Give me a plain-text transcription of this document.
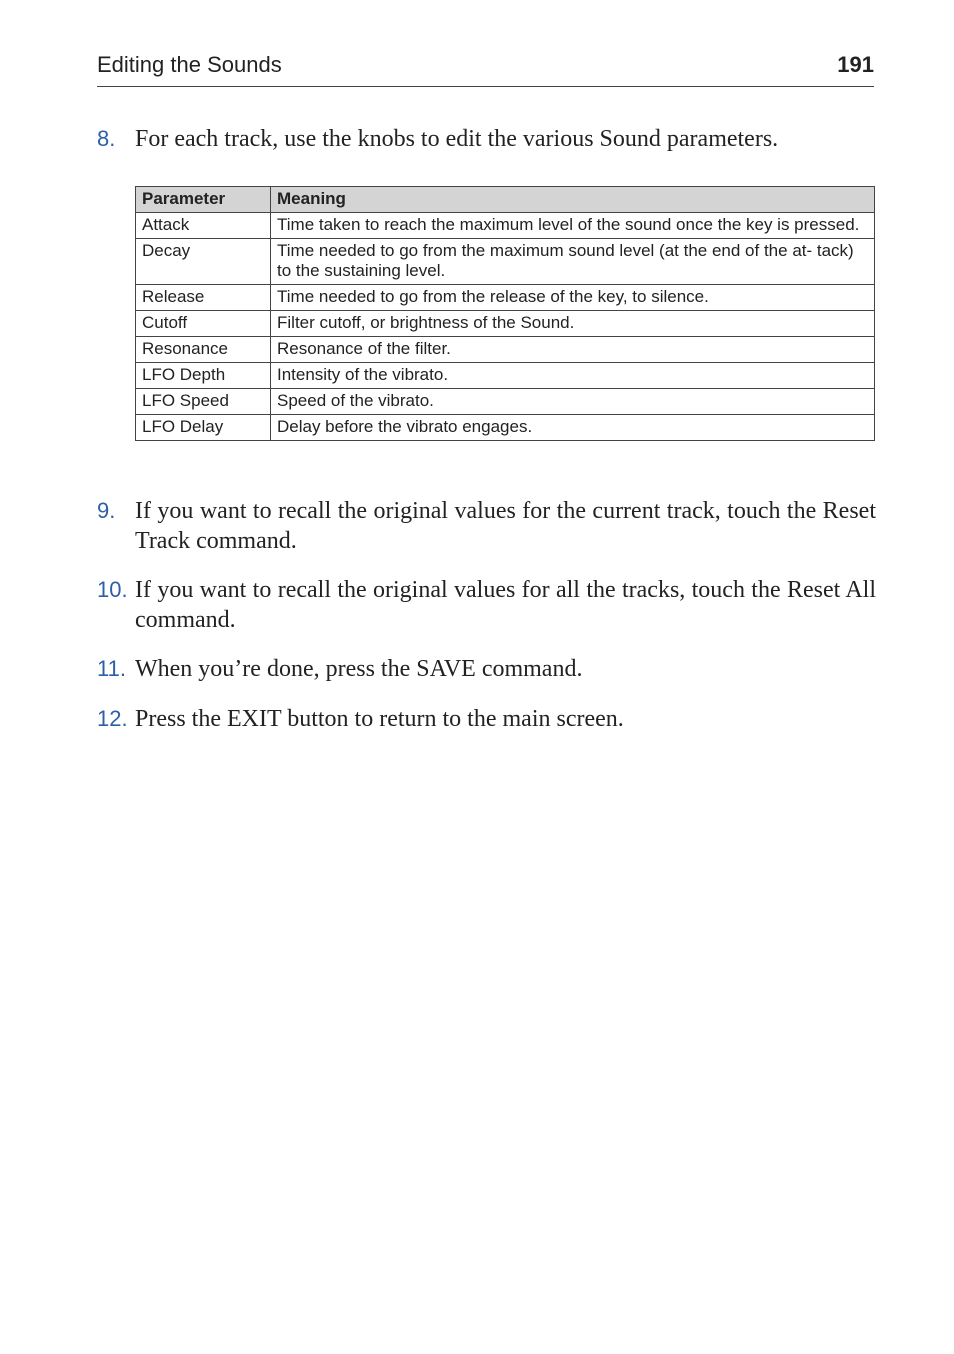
Editing the Sounds	191
8. For each track, use the knobs to edit the various Sound parameters.
Parameter	Meaning
Attack	Time taken to reach the maximum level of the sound once the key is pressed.
Decay	Time needed to go from the maximum sound level (at the end of the at- tack) to the sustaining level.
Release	Time needed to go from the release of the key, to silence.
Cutoff	Filter cutoff, or brightness of the Sound.
Resonance	Resonance of the filter.
LFO Depth	Intensity of the vibrato.
LFO Speed	Speed of the vibrato.
LFO Delay	Delay before the vibrato engages.
9. If you want to recall the original values for the current track, touch the Reset Track command.
10. If you want to recall the original values for all the tracks, touch the Reset All command.
11. When you’re done, press the SAVE command.
12. Press the EXIT button to return to the main screen.
